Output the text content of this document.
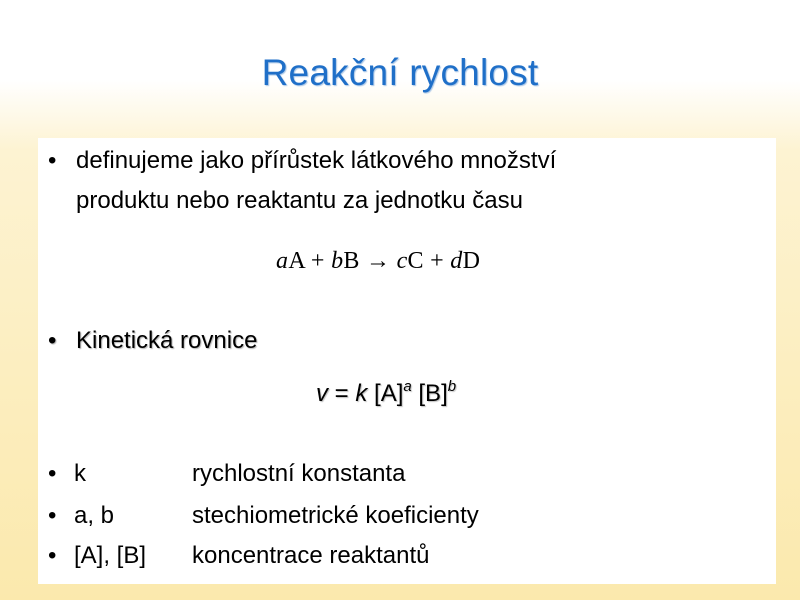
Reakční rychlost
• definujeme jako přírůstek látkového množství
produktu nebo reaktantu za jednotku času
aA + bB → cC + dD
• Kinetická rovnice
v = k $[A]^a$ $[B]^b$
• k	rychlostní konstanta
• a, b	stechiometrické koeficienty
• [A], [B] koncentrace reaktantů
